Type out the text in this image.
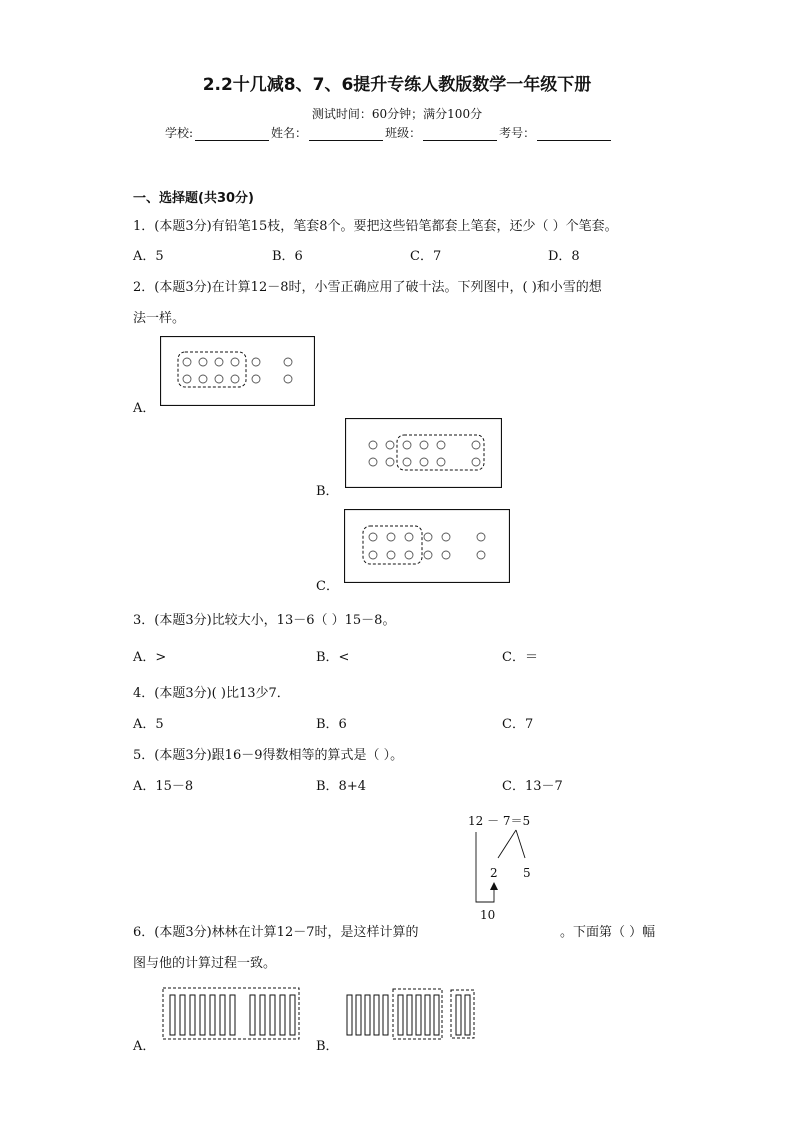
2.2十几减8、7、6提升专练人教版数学一年级下册
测试时间：60分钟；满分100分
学校:	姓名：	班级：	考号：
一、选择题(共30分)
1．(本题3分)有铅笔15枝，笔套8个。要把这些铅笔都套上笔套，还少（ ）个笔套。
A．5	B．6	C．7	D．8
2．(本题3分)在计算12－8时，小雪正确应用了破十法。下列图中，( )和小雪的想
法一样。
A．
B．
C．
3．(本题3分)比较大小，13－6（ ）15－8。
A．>	B．<	C．＝
4．(本题3分)( )比13少7．
A．5	B．6	C．7
5．(本题3分)跟16－9得数相等的算式是（ ）。
A．15－8	B．8+4	C．13－7
12 － 7＝5
2 5
10
6．(本题3分)林林在计算12－7时，是这样计算的	。下面第（ ）幅
图与他的计算过程一致。
A．	B．
